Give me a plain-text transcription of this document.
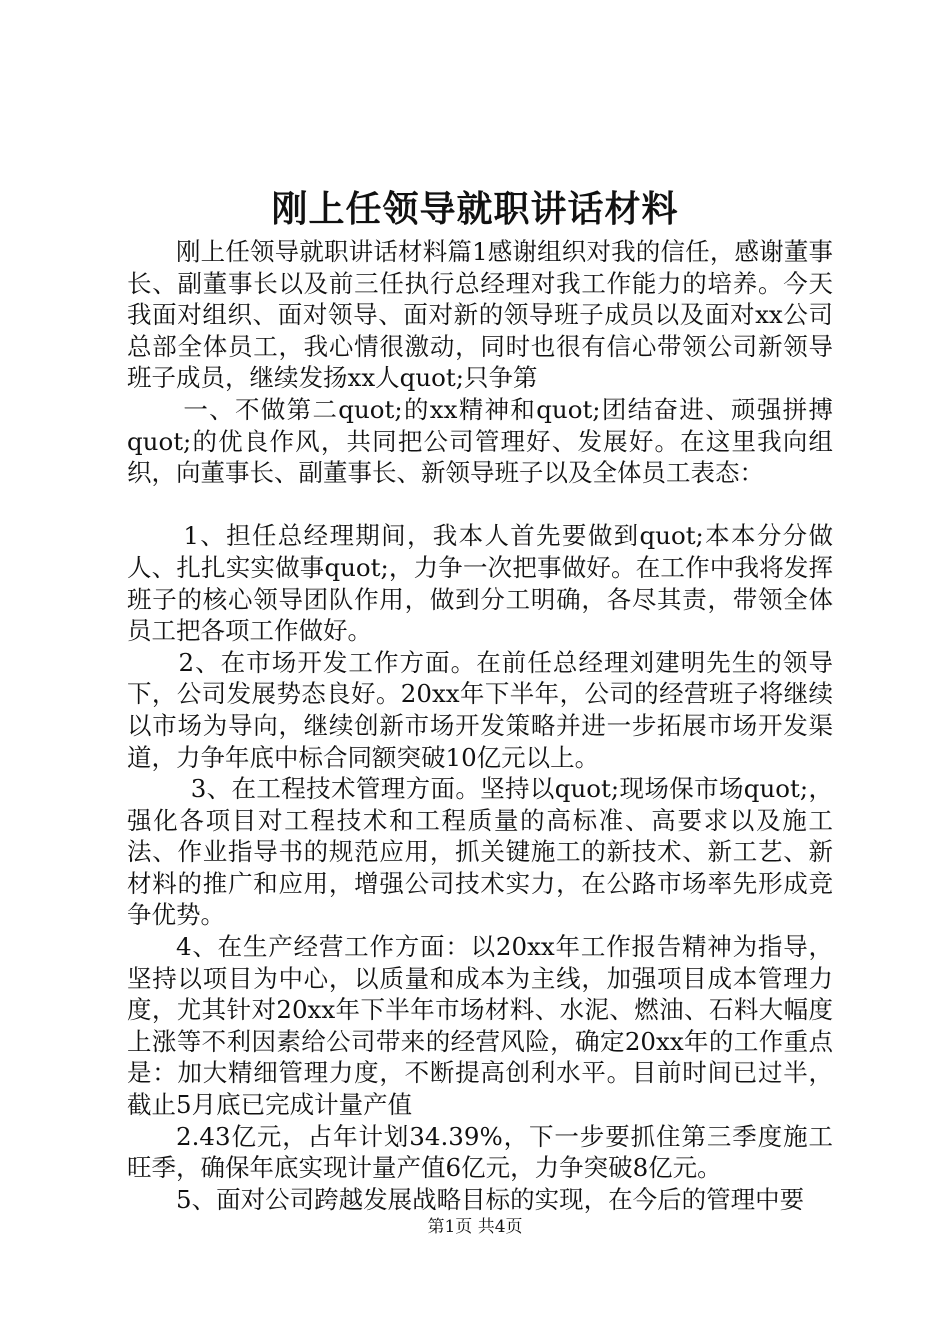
刚上任领导就职讲话材料

刚上任领导就职讲话材料篇1感谢组织对我的信任，感谢董事长、副董事长以及前三任执行总经理对我工作能力的培养。今天我面对组织、面对领导、面对新的领导班子成员以及面对xx公司总部全体员工，我心情很激动，同时也很有信心带领公司新领导班子成员，继续发扬xx人quot;只争第

一、不做第二quot;的xx精神和quot;团结奋进、顽强拼搏quot;的优良作风，共同把公司管理好、发展好。在这里我向组织，向董事长、副董事长、新领导班子以及全体员工表态：

1、担任总经理期间，我本人首先要做到quot;本本分分做人、扎扎实实做事quot;，力争一次把事做好。在工作中我将发挥班子的核心领导团队作用，做到分工明确，各尽其责，带领全体员工把各项工作做好。

2、在市场开发工作方面。在前任总经理刘建明先生的领导下，公司发展势态良好。20xx年下半年，公司的经营班子将继续以市场为导向，继续创新市场开发策略并进一步拓展市场开发渠道，力争年底中标合同额突破10亿元以上。

3、在工程技术管理方面。坚持以quot;现场保市场quot;，强化各项目对工程技术和工程质量的高标准、高要求以及施工法、作业指导书的规范应用，抓关键施工的新技术、新工艺、新材料的推广和应用，增强公司技术实力，在公路市场率先形成竞争优势。

4、在生产经营工作方面：以20xx年工作报告精神为指导，坚持以项目为中心，以质量和成本为主线，加强项目成本管理力度，尤其针对20xx年下半年市场材料、水泥、燃油、石料大幅度上涨等不利因素给公司带来的经营风险，确定20xx年的工作重点是：加大精细管理力度，不断提高创利水平。目前时间已过半，截止5月底已完成计量产值

2.43亿元，占年计划34.39%，下一步要抓住第三季度施工旺季，确保年底实现计量产值6亿元，力争突破8亿元。

5、面对公司跨越发展战略目标的实现，在今后的管理中要

第1页 共4页
